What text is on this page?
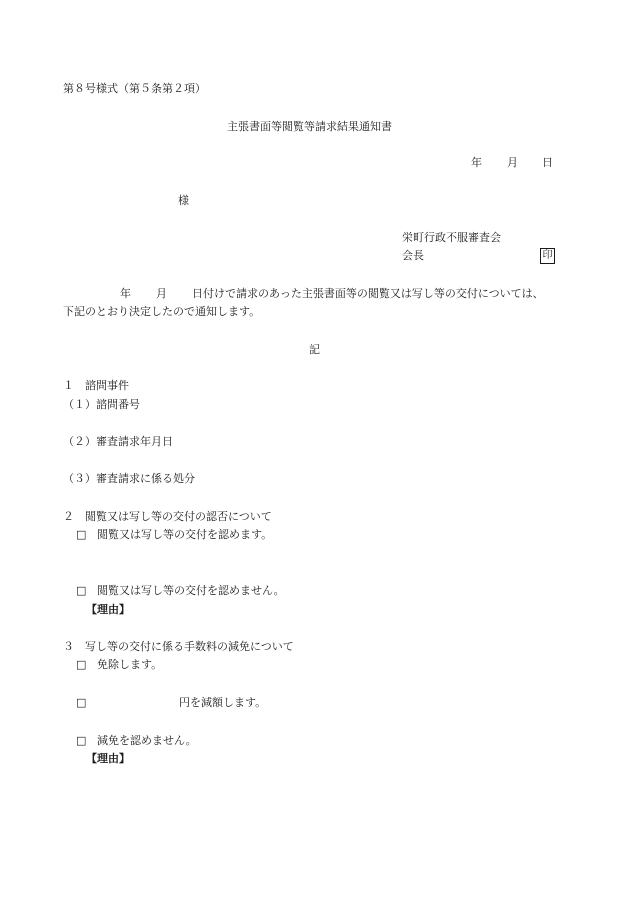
第８号様式（第５条第２項）
主張書面等閲覧等請求結果通知書
年 月 日
様
栄町行政不服審査会
会長	印
年 月 日付けで請求のあった主張書面等の閲覧又は写し等の交付については、
下記のとおり決定したので通知します。
記
１　諮問事件
（１）諮問番号
（２）審査請求年月日
（３）審査請求に係る処分
２　閲覧又は写し等の交付の認否について
□ 閲覧又は写し等の交付を認めます。
□ 閲覧又は写し等の交付を認めません。
【理由】
３　写し等の交付に係る手数料の減免について
□ 免除します。
□	円を減額します。
□ 減免を認めません。
【理由】
